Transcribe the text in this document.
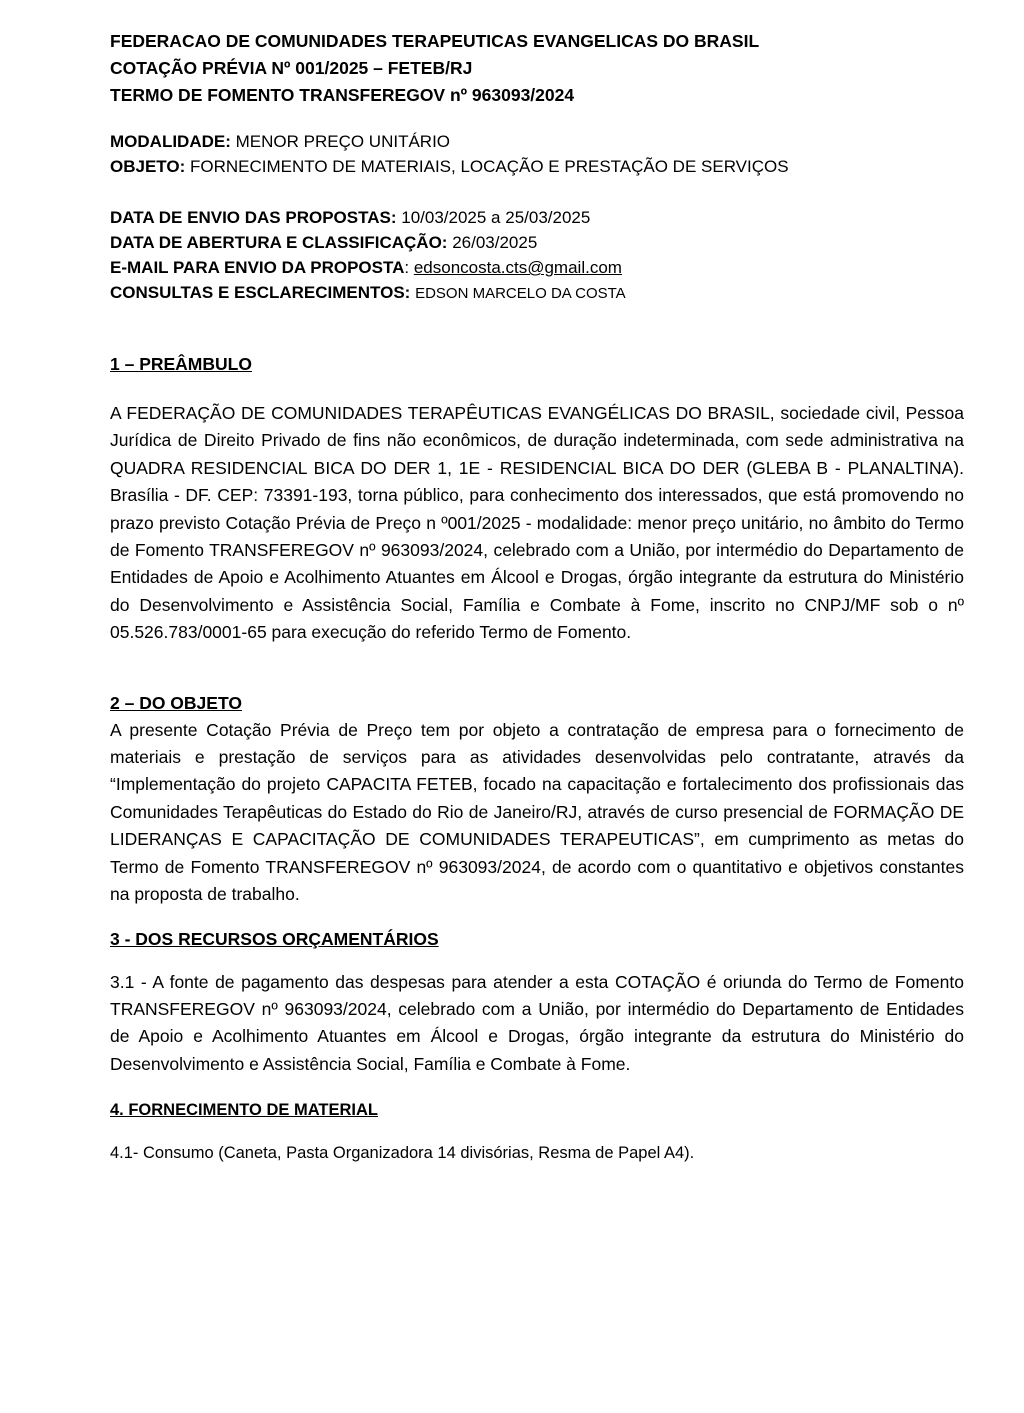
FEDERACAO DE COMUNIDADES TERAPEUTICAS EVANGELICAS DO BRASIL

COTAÇÃO PRÉVIA Nº 001/2025 – FETEB/RJ

TERMO DE FOMENTO TRANSFEREGOV nº 963093/2024

MODALIDADE: MENOR PREÇO UNITÁRIO

OBJETO: FORNECIMENTO DE MATERIAIS, LOCAÇÃO E PRESTAÇÃO DE SERVIÇOS

DATA DE ENVIO DAS PROPOSTAS: 10/03/2025 a 25/03/2025

DATA DE ABERTURA E CLASSIFICAÇÃO: 26/03/2025

E-MAIL PARA ENVIO DA PROPOSTA: edsoncosta.cts@gmail.com

CONSULTAS E ESCLARECIMENTOS: EDSON MARCELO DA COSTA

1 – PREÂMBULO

A FEDERAÇÃO DE COMUNIDADES TERAPÊUTICAS EVANGÉLICAS DO BRASIL, sociedade civil, Pessoa Jurídica de Direito Privado de fins não econômicos, de duração indeterminada, com sede administrativa na QUADRA RESIDENCIAL BICA DO DER 1, 1E - RESIDENCIAL BICA DO DER (GLEBA B - PLANALTINA). Brasília - DF. CEP: 73391-193, torna público, para conhecimento dos interessados, que está promovendo no prazo previsto Cotação Prévia de Preço n º001/2025 - modalidade: menor preço unitário, no âmbito do Termo de Fomento TRANSFEREGOV nº 963093/2024, celebrado com a União, por intermédio do Departamento de Entidades de Apoio e Acolhimento Atuantes em Álcool e Drogas, órgão integrante da estrutura do Ministério do Desenvolvimento e Assistência Social, Família e Combate à Fome, inscrito no CNPJ/MF sob o nº 05.526.783/0001-65 para execução do referido Termo de Fomento.

2 – DO OBJETO

A presente Cotação Prévia de Preço tem por objeto a contratação de empresa para o fornecimento de materiais e prestação de serviços para as atividades desenvolvidas pelo contratante, através da “Implementação do projeto CAPACITA FETEB, focado na capacitação e fortalecimento dos profissionais das Comunidades Terapêuticas do Estado do Rio de Janeiro/RJ, através de curso presencial de FORMAÇÃO DE LIDERANÇAS E CAPACITAÇÃO DE COMUNIDADES TERAPEUTICAS”, em cumprimento as metas do Termo de Fomento TRANSFEREGOV nº 963093/2024, de acordo com o quantitativo e objetivos constantes na proposta de trabalho.

3 - DOS RECURSOS ORÇAMENTÁRIOS

3.1 - A fonte de pagamento das despesas para atender a esta COTAÇÃO é oriunda do Termo de Fomento TRANSFEREGOV nº 963093/2024, celebrado com a União, por intermédio do Departamento de Entidades de Apoio e Acolhimento Atuantes em Álcool e Drogas, órgão integrante da estrutura do Ministério do Desenvolvimento e Assistência Social, Família e Combate à Fome.

4. FORNECIMENTO DE MATERIAL

4.1- Consumo (Caneta, Pasta Organizadora 14 divisórias, Resma de Papel A4).
